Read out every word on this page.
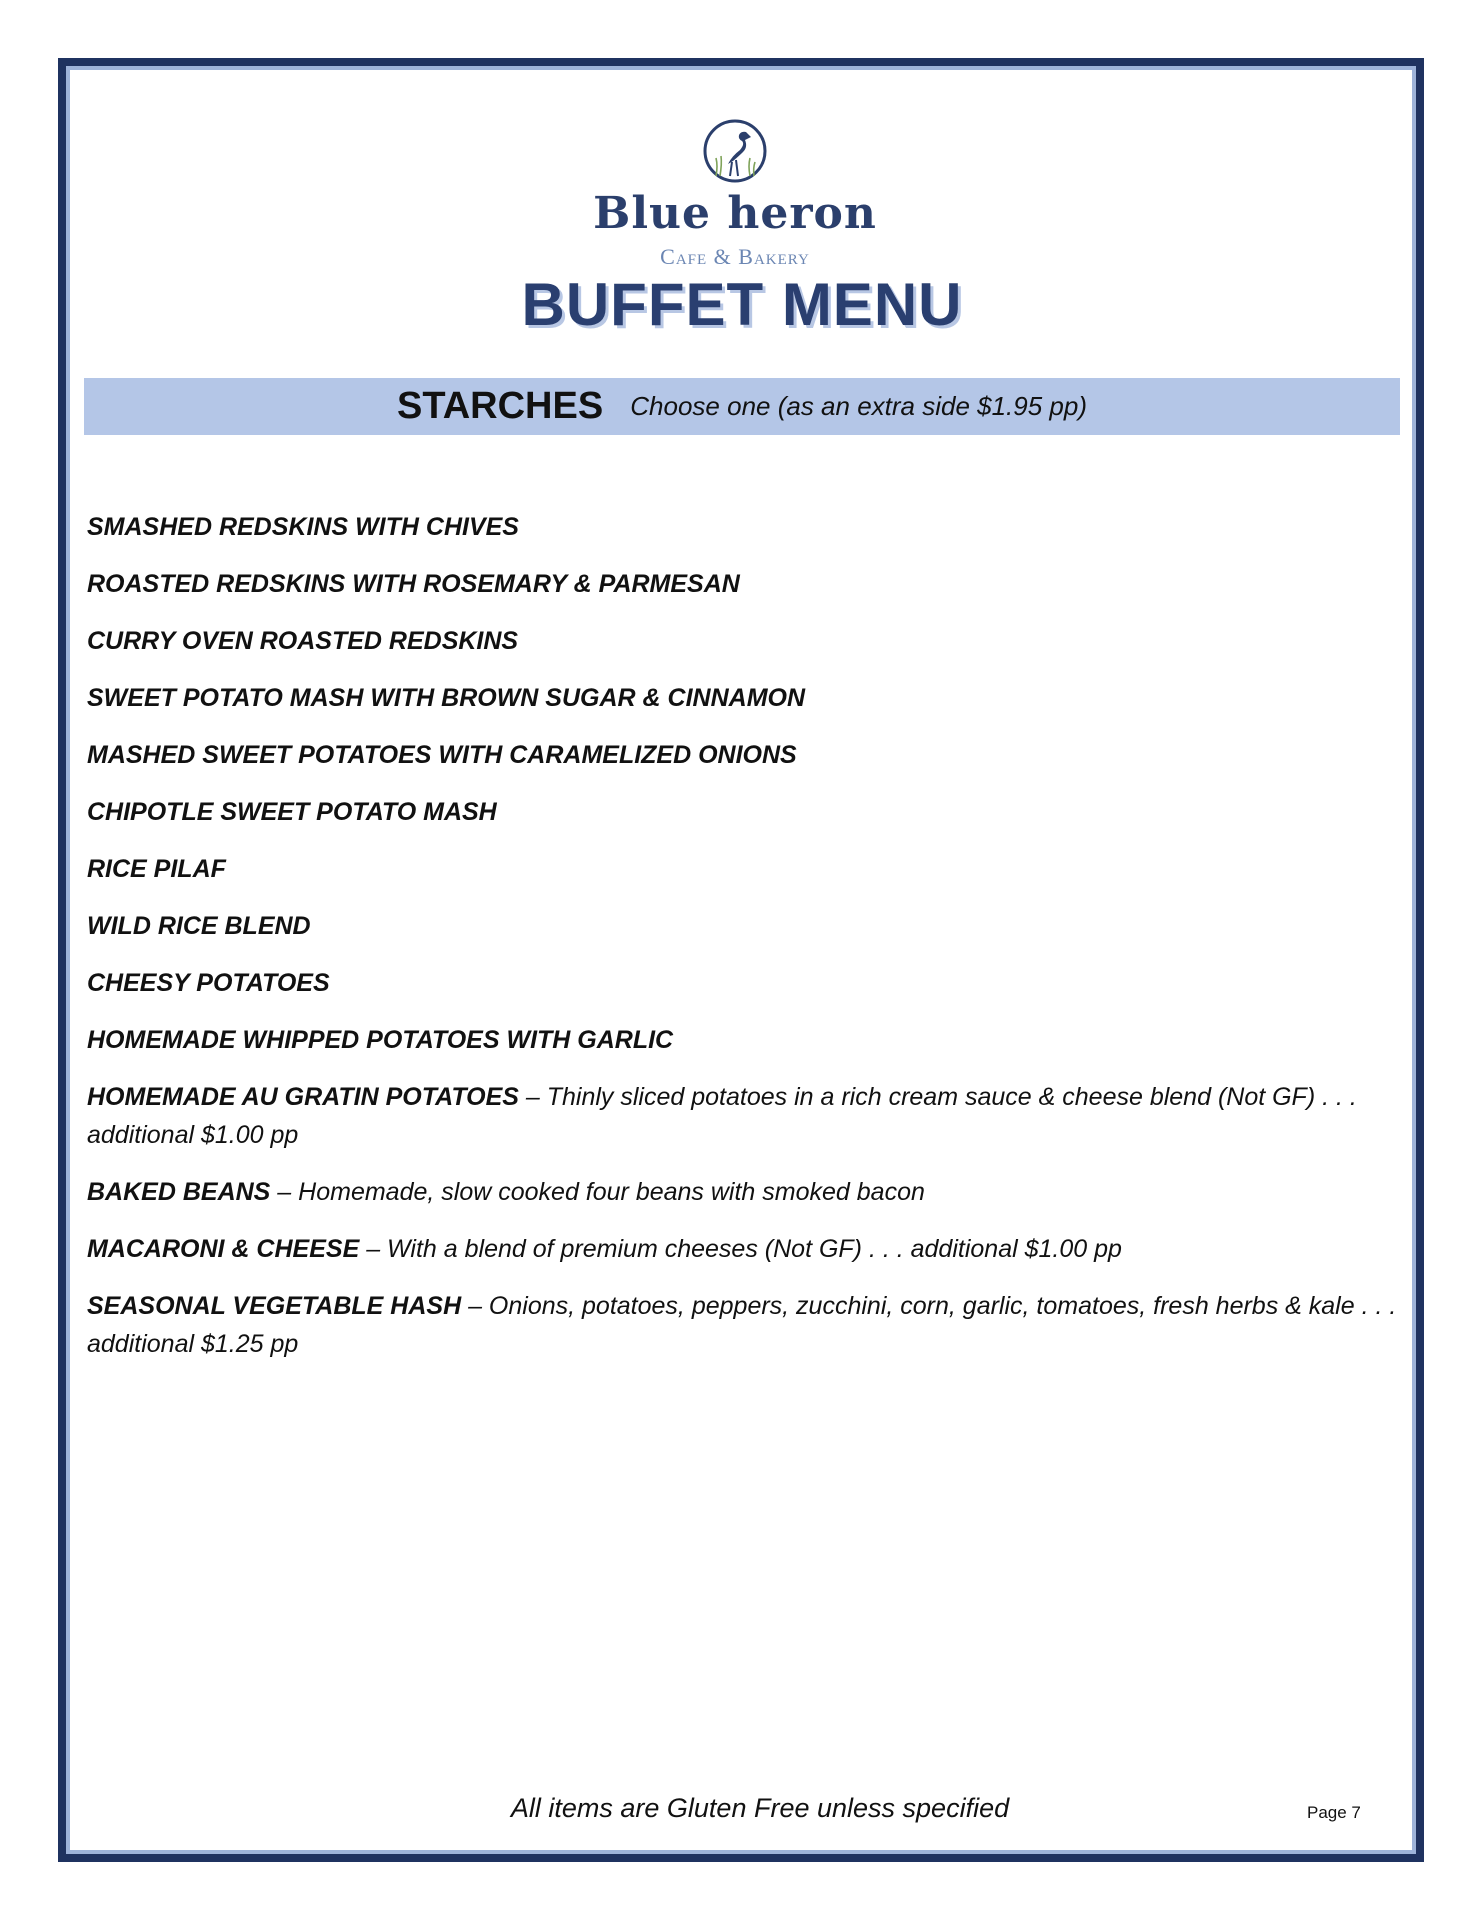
Blue heron
Cafe & Bakery
BUFFET MENU
STARCHES Choose one (as an extra side $1.95 pp)
SMASHED REDSKINS WITH CHIVES
ROASTED REDSKINS WITH ROSEMARY & PARMESAN
CURRY OVEN ROASTED REDSKINS
SWEET POTATO MASH WITH BROWN SUGAR & CINNAMON
MASHED SWEET POTATOES WITH CARAMELIZED ONIONS
CHIPOTLE SWEET POTATO MASH
RICE PILAF
WILD RICE BLEND
CHEESY POTATOES
HOMEMADE WHIPPED POTATOES WITH GARLIC
HOMEMADE AU GRATIN POTATOES – Thinly sliced potatoes in a rich cream sauce & cheese blend (Not GF) . . . additional $1.00 pp
BAKED BEANS – Homemade, slow cooked four beans with smoked bacon
MACARONI & CHEESE – With a blend of premium cheeses (Not GF) . . . additional $1.00 pp
SEASONAL VEGETABLE HASH – Onions, potatoes, peppers, zucchini, corn, garlic, tomatoes, fresh herbs & kale . . . additional $1.25 pp
All items are Gluten Free unless specified	Page 7
